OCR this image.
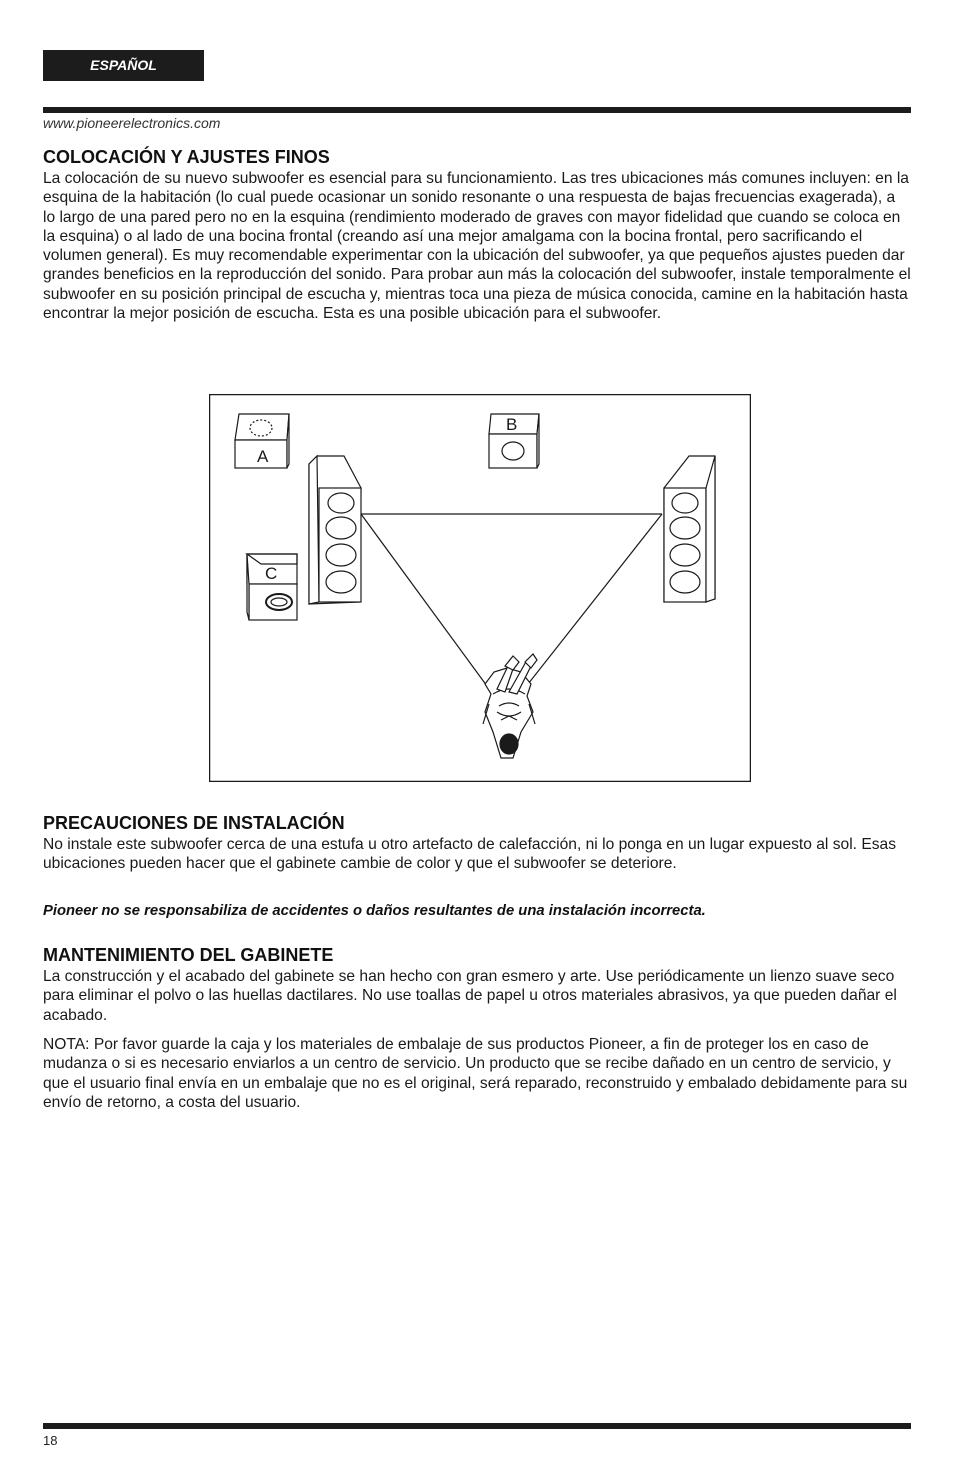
ESPAÑOL
www.pioneerelectronics.com
COLOCACIÓN Y AJUSTES FINOS

La colocación de su nuevo subwoofer es esencial para su funcionamiento. Las tres ubicaciones más comunes incluyen: en la esquina de la habitación (lo cual puede ocasionar un sonido resonante o una respuesta de bajas frecuencias exagerada), a lo largo de una pared pero no en la esquina (rendimiento moderado de graves con mayor fidelidad que cuando se coloca en la esquina) o al lado de una bocina frontal (creando así una mejor amalgama con la bocina frontal, pero sacrificando el volumen general). Es muy recomendable experimentar con la ubicación del subwoofer, ya que pequeños ajustes pueden dar grandes beneficios en la reproducción del sonido. Para probar aun más la colocación del subwoofer, instale temporalmente el subwoofer en su posición principal de escucha y, mientras toca una pieza de música conocida, camine en la habitación hasta encontrar la mejor posición de escucha. Esta es una posible ubicación para el subwoofer.

A
B
C
PRECAUCIONES DE INSTALACIÓN

No instale este subwoofer cerca de una estufa u otro artefacto de calefacción, ni lo ponga en un lugar expuesto al sol. Esas ubicaciones pueden hacer que el gabinete cambie de color y que el subwoofer se deteriore.

Pioneer no se responsabiliza de accidentes o daños resultantes de una instalación incorrecta.

MANTENIMIENTO DEL GABINETE

La construcción y el acabado del gabinete se han hecho con gran esmero y arte. Use periódicamente un lienzo suave seco para eliminar el polvo o las huellas dactilares. No use toallas de papel u otros materiales abrasivos, ya que pueden dañar el acabado.

NOTA: Por favor guarde la caja y los materiales de embalaje de sus productos Pioneer, a fin de proteger los en caso de mudanza o si es necesario enviarlos a un centro de servicio. Un producto que se recibe dañado en un centro de servicio, y que el usuario final envía en un embalaje que no es el original, será reparado, reconstruido y embalado debidamente para su envío de retorno, a costa del usuario.

18
